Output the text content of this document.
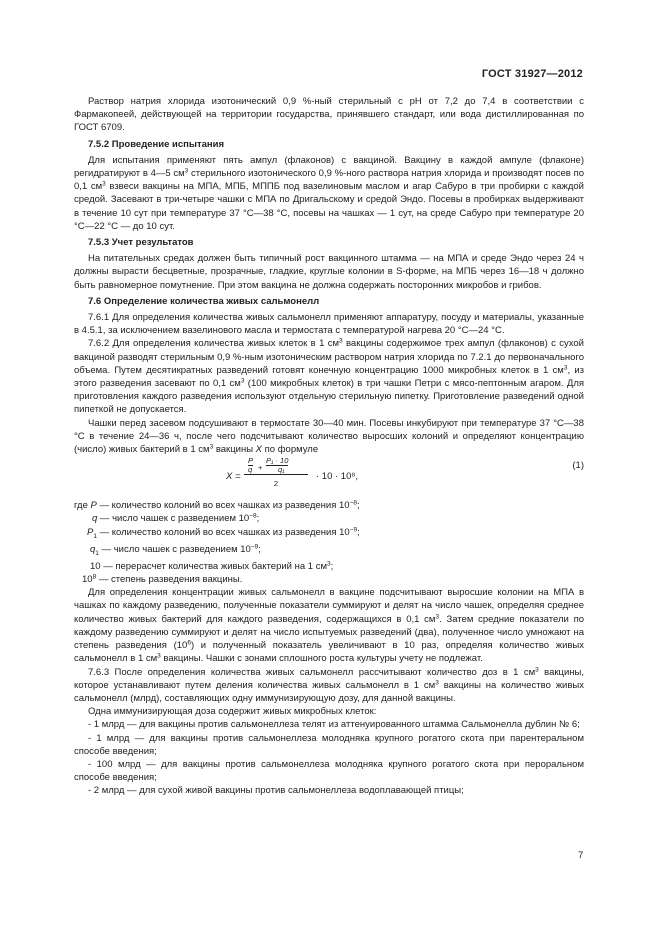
ГОСТ 31927—2012

Раствор натрия хлорида изотонический 0,9 %-ный стерильный с pH от 7,2 до 7,4 в соответствии с Фармакопеей, действующей на территории государства, принявшего стандарт, или вода дистиллированная по ГОСТ 6709.

7.5.2 Проведение испытания

Для испытания применяют пять ампул (флаконов) с вакциной. Вакцину в каждой ампуле (флаконе) регидратируют в 4—5 $см^3$ стерильного изотонического 0,9 %-ного раствора натрия хлорида и производят посев по 0,1 $см^3$ взвеси вакцины на МПА, МПБ, МППБ под вазелиновым маслом и агар Сабуро в три пробирки с каждой средой. Засевают в три-четыре чашки с МПА по Дригальскому и средой Эндо. Посевы в пробирках выдерживают в течение 10 сут при температуре 37 °С—38 °С, посевы на чашках — 1 сут, на среде Сабуро при температуре 20 °С—22 °С — до 10 сут.

7.5.3 Учет результатов

На питательных средах должен быть типичный рост вакцинного штамма — на МПА и среде Эндо через 24 ч должны вырасти бесцветные, прозрачные, гладкие, круглые колонии в S-форме, на МПБ через 16—18 ч должно быть равномерное помутнение. При этом вакцина не должна содержать посторонних микробов и грибов.

7.6 Определение количества живых сальмонелл

7.6.1 Для определения количества живых сальмонелл применяют аппаратуру, посуду и материалы, указанные в 4.5.1, за исключением вазелинового масла и термостата с температурой нагрева 20 °С—24 °С.

7.6.2 Для определения количества живых клеток в 1 $см^3$ вакцины содержимое трех ампул (флаконов) с сухой вакциной разводят стерильным 0,9 %-ным изотоническим раствором натрия хлорида по 7.2.1 до первоначального объема. Путем десятикратных разведений готовят конечную концентрацию 1000 микробных клеток в 1 $см^3$, из этого разведения засевают по 0,1 $см^3$ (100 микробных клеток) в три чашки Петри с мясо-пептонным агаром. Для приготовления каждого разведения используют отдельную стерильную пипетку. Приготовление разведений одной пипеткой не допускается.

Чашки перед засевом подсушивают в термостате 30—40 мин. Посевы инкубируют при температуре 37 °С—38 °С в течение 24—36 ч, после чего подсчитывают количество выросших колоний и определяют концентрацию (число) живых бактерий в 1 $см^3$ вакцины X по формуле

X =
P
q +
P₁ · 10
q₁
2
· 10 · 10⁸,
(1)
где P — количество колоний во всех чашках из разведения $10^{-8}$;
q — число чашек с разведением $10^{-8}$;
$P_1$ — количество колоний во всех чашках из разведения $10^{-9}$;
$q_1$ — число чашек с разведением $10^{-9}$;
10 — перерасчет количества живых бактерий на 1 $см^3$;
$10^8$ — степень разведения вакцины.

Для определения концентрации живых сальмонелл в вакцине подсчитывают выросшие колонии на МПА в чашках по каждому разведению, полученные показатели суммируют и делят на число чашек, определяя среднее количество живых бактерий для каждого разведения, содержащихся в 0,1 $см^3$. Затем средние показатели по каждому разведению суммируют и делят на число испытуемых разведений (два), полученное число умножают на степень разведения $(10^6)$ и полученный показатель увеличивают в 10 раз, определяя количество живых сальмонелл в 1 $см^3$ вакцины. Чашки с зонами сплошного роста культуры учету не подлежат.

7.6.3 После определения количества живых сальмонелл рассчитывают количество доз в 1 $см^3$ вакцины, которое устанавливают путем деления количества живых сальмонелл в 1 $см^3$ вакцины на количество живых сальмонелл (млрд), составляющих одну иммунизирующую дозу, для данной вакцины.

Одна иммунизирующая доза содержит живых микробных клеток:

- 1 млрд — для вакцины против сальмонеллеза телят из аттенуированного штамма Сальмонелла дублин № 6;

- 1 млрд — для вакцины против сальмонеллеза молодняка крупного рогатого скота при парентеральном способе введения;

- 100 млрд — для вакцины против сальмонеллеза молодняка крупного рогатого скота при пероральном способе введения;

- 2 млрд — для сухой живой вакцины против сальмонеллеза водоплавающей птицы;

7
